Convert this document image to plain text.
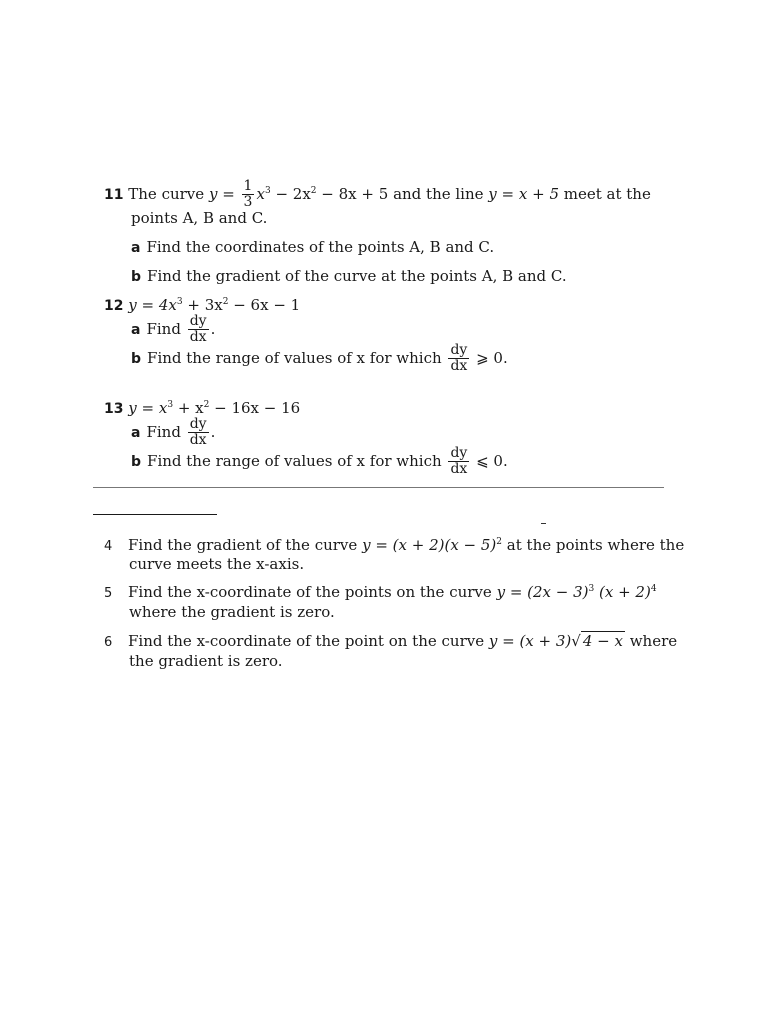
11 The curve $y = \frac{1}{3} x^3 - 2x^2 - 8x + 5$ and the line y = x + 5 meet at the
points A, B and C.
a Find the coordinates of the points A, B and C.
b Find the gradient of the curve at the points A, B and C.
12 $y = 4x^3 + 3x^2 - 6x - 1$
a Find $\frac{dy}{dx}$ .
b Find the range of values of x for which $\frac{dy}{dx}$ ⩾ 0.
13 $y = x^3 + x^2 - 16x - 16$
a Find $\frac{dy}{dx}$ .
b Find the range of values of x for which $\frac{dy}{dx}$ ⩽ 0.
4 Find the gradient of the curve $y = (x + 2)(x - 5)^2$ at the points where the
curve meets the x-axis.
5 Find the x-coordinate of the points on the curve $y = (2x - 3)^3$ $(x + 2)^4$
where the gradient is zero.
6 Find the x-coordinate of the point on the curve y = (x + 3)√ 4 − x where
the gradient is zero.
